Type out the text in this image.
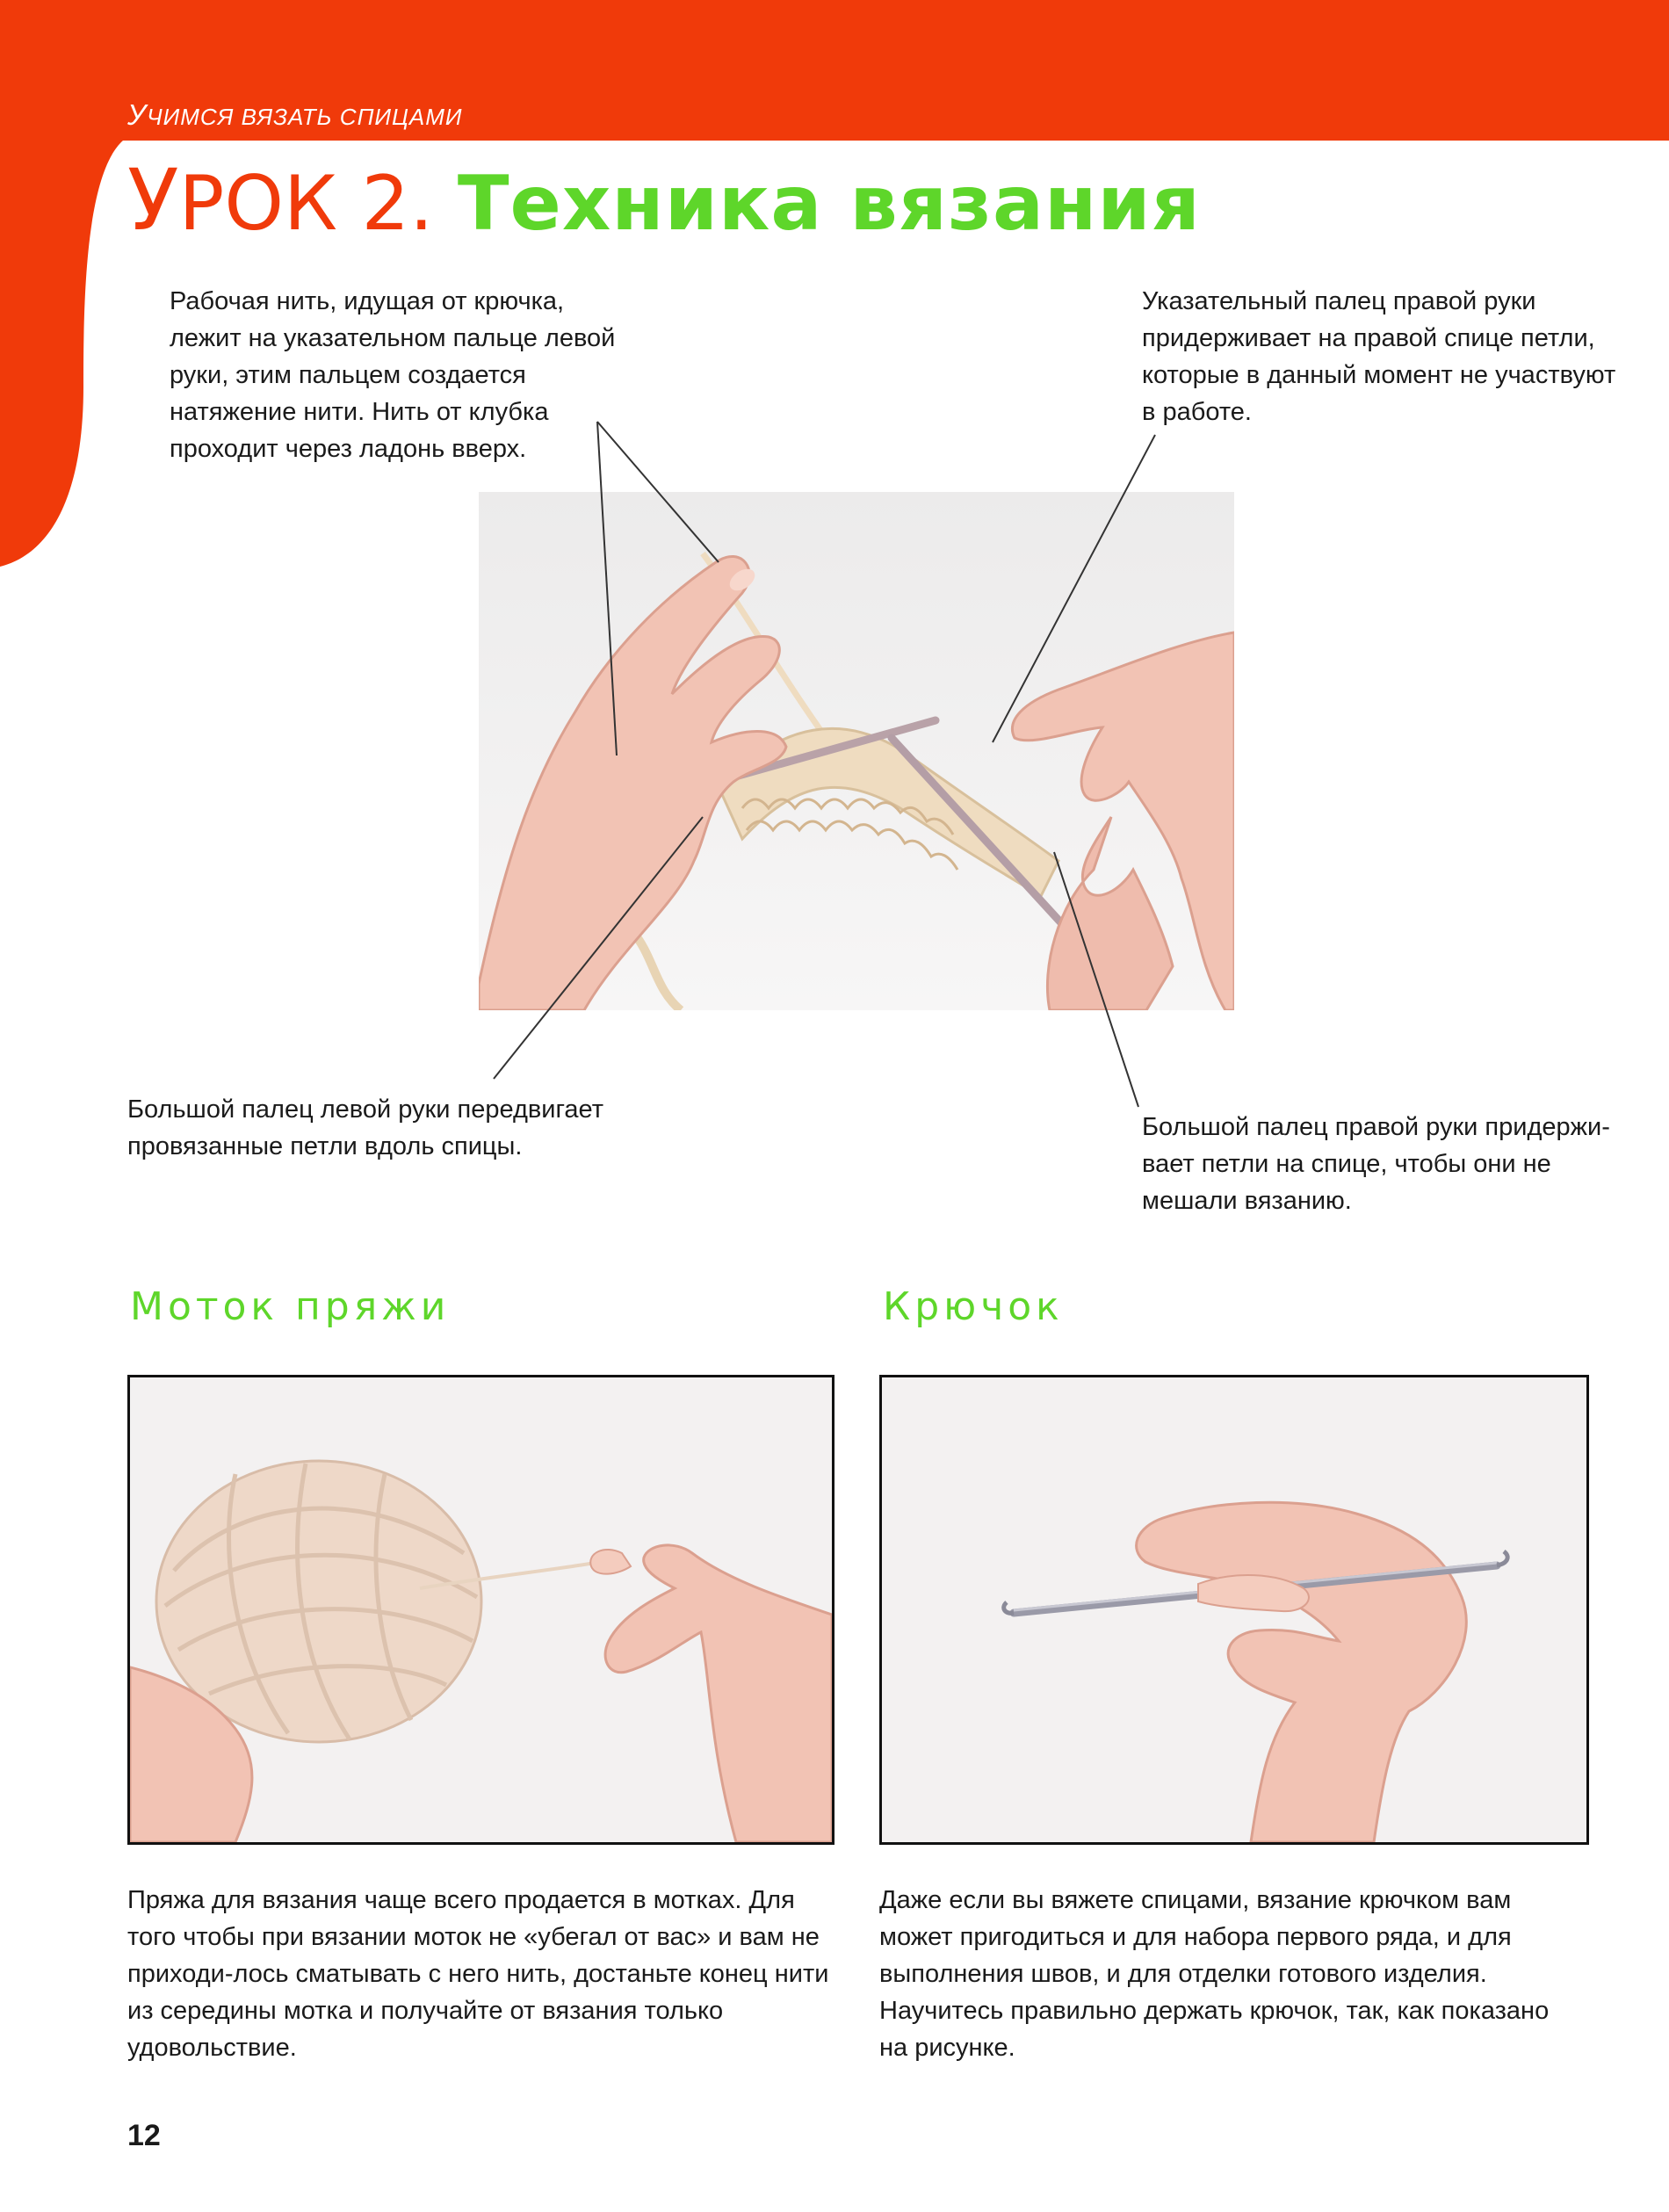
УЧИМСЯ ВЯЗАТЬ СПИЦАМИ
УРОК 2. Техника вязания
Рабочая нить, идущая от крючка, лежит на указательном пальце левой руки, этим пальцем создается натяжение нити. Нить от клубка проходит через ладонь вверх.
Указательный палец правой руки придерживает на правой спице петли, которые в данный момент не участвуют в работе.
Большой палец левой руки передвигает провязанные петли вдоль спицы.
Большой палец правой руки придержи-вает петли на спице, чтобы они не мешали вязанию.
Моток пряжи	Крючок
Пряжа для вязания чаще всего продается в мотках. Для того чтобы при вязании моток не «убегал от вас» и вам не приходи-лось сматывать с него нить, достаньте конец нити из середины мотка и получайте от вязания только удовольствие.
Даже если вы вяжете спицами, вязание крючком вам может пригодиться и для набора первого ряда, и для выполнения швов, и для отделки готового изделия. Научитесь правильно держать крючок, так, как показано на рисунке.
12
